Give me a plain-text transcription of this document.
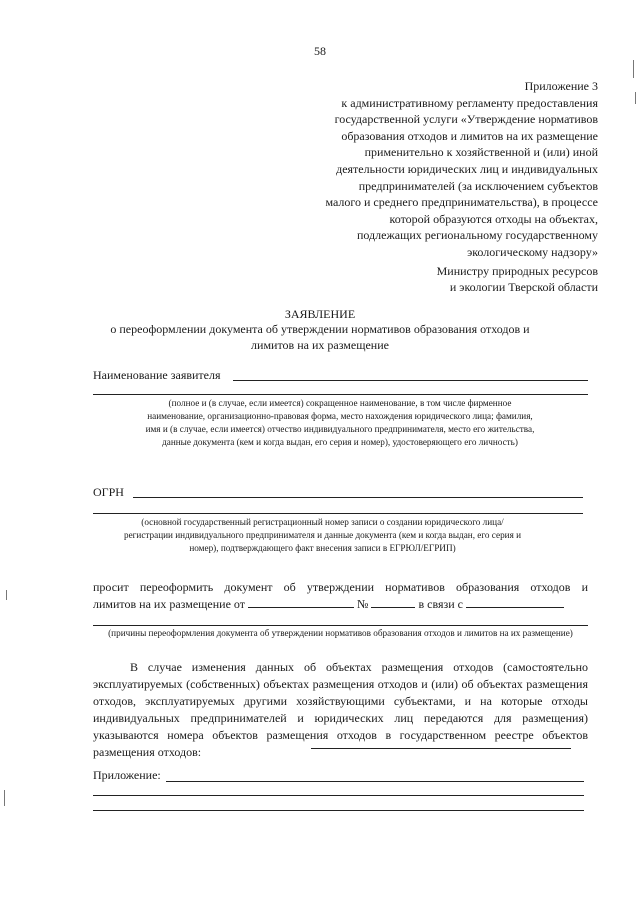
58
Приложение 3
к административному регламенту предоставления
государственной услуги «Утверждение нормативов
образования отходов и лимитов на их размещение
применительно к хозяйственной и (или) иной
деятельности юридических лиц и индивидуальных
предпринимателей (за исключением субъектов
малого и среднего предпринимательства), в процессе
которой образуются отходы на объектах,
подлежащих региональному государственному
экологическому надзору»
Министру природных ресурсов
и экологии Тверской области
ЗАЯВЛЕНИЕ
о переоформлении документа об утверждении нормативов образования отходов и лимитов на их размещение
Наименование заявителя
(полное и (в случае, если имеется) сокращенное наименование, в том числе фирменное наименование, организационно-правовая форма, место нахождения юридического лица; фамилия, имя и (в случае, если имеется) отчество индивидуального предпринимателя, место его жительства, данные документа (кем и когда выдан, его серия и номер), удостоверяющего его личность)
ОГРН
(основной государственный регистрационный номер записи о создании юридического лица/регистрации индивидуального предпринимателя и данные документа (кем и когда выдан, его серия и номер), подтверждающего факт внесения записи в ЕГРЮЛ/ЕГРИП)
просит переоформить документ об утверждении нормативов образования отходов и
лимитов на их размещение от	№	в связи с
(причины переоформления документа об утверждении нормативов образования отходов и лимитов на их размещение)
В случае изменения данных об объектах размещения отходов (самостоятельно эксплуатируемых (собственных) объектах размещения отходов и (или) об объектах размещения отходов, эксплуатируемых другими хозяйствующими субъектами, и на которые отходы индивидуальных предпринимателей и юридических лиц передаются для размещения) указываются номера объектов размещения отходов в государственном реестре объектов размещения отходов:
Приложение:
